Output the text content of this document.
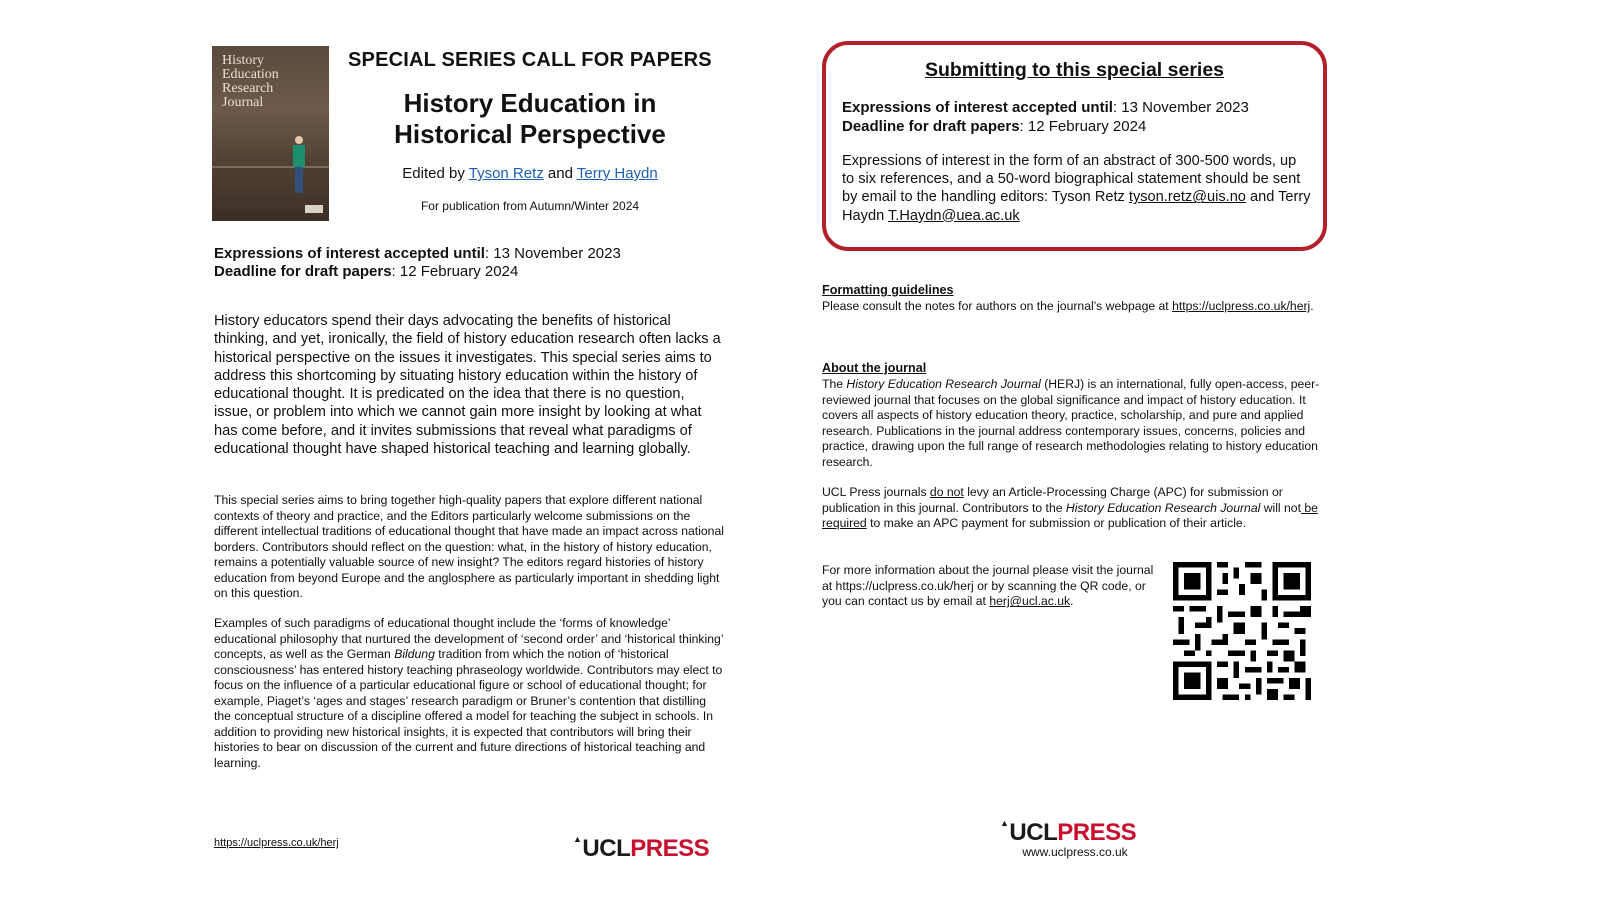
History
Education
Research
Journal
SPECIAL SERIES CALL FOR PAPERS
History Education in
Historical Perspective
Edited by Tyson Retz and Terry Haydn
For publication from Autumn/Winter 2024
Expressions of interest accepted until: 13 November 2023
Deadline for draft papers: 12 February 2024
History educators spend their days advocating the benefits of historical thinking, and yet, ironically, the field of history education research often lacks a historical perspective on the issues it investigates. This special series aims to address this shortcoming by situating history education within the history of educational thought. It is predicated on the idea that there is no question, issue, or problem into which we cannot gain more insight by looking at what has come before, and it invites submissions that reveal what paradigms of educational thought have shaped historical teaching and learning globally.
This special series aims to bring together high-quality papers that explore different national contexts of theory and practice, and the Editors particularly welcome submissions on the different intellectual traditions of educational thought that have made an impact across national borders. Contributors should reflect on the question: what, in the history of history education, remains a potentially valuable source of new insight? The editors regard histories of history education from beyond Europe and the anglosphere as particularly important in shedding light on this question.
Examples of such paradigms of educational thought include the ‘forms of knowledge’ educational philosophy that nurtured the development of ‘second order’ and ‘historical thinking’ concepts, as well as the German Bildung tradition from which the notion of ‘historical consciousness’ has entered history teaching phraseology worldwide. Contributors may elect to focus on the influence of a particular educational figure or school of educational thought; for example, Piaget’s ‘ages and stages’ research paradigm or Bruner’s contention that distilling the conceptual structure of a discipline offered a model for teaching the subject in schools. In addition to providing new historical insights, it is expected that contributors will bring their histories to bear on discussion of the current and future directions of historical teaching and learning.
https://uclpress.co.uk/herj	▲UCLPRESS
Submitting to this special series
Expressions of interest accepted until: 13 November 2023
Deadline for draft papers: 12 February 2024
Expressions of interest in the form of an abstract of 300-500 words, up to six references, and a 50-word biographical statement should be sent by email to the handling editors: Tyson Retz tyson.retz@uis.no and Terry Haydn T.Haydn@uea.ac.uk
Formatting guidelines
Please consult the notes for authors on the journal’s webpage at https://uclpress.co.uk/herj.
About the journal
The History Education Research Journal (HERJ) is an international, fully open-access, peer-reviewed journal that focuses on the global significance and impact of history education. It covers all aspects of history education theory, practice, scholarship, and pure and applied research. Publications in the journal address contemporary issues, concerns, policies and practice, drawing upon the full range of research methodologies relating to history education research.
UCL Press journals do not levy an Article-Processing Charge (APC) for submission or publication in this journal. Contributors to the History Education Research Journal will not be required to make an APC payment for submission or publication of their article.
For more information about the journal please visit the journal at https://uclpress.co.uk/herj or by scanning the QR code, or you can contact us by email at herj@ucl.ac.uk.
▲UCLPRESS
www.uclpress.co.uk
